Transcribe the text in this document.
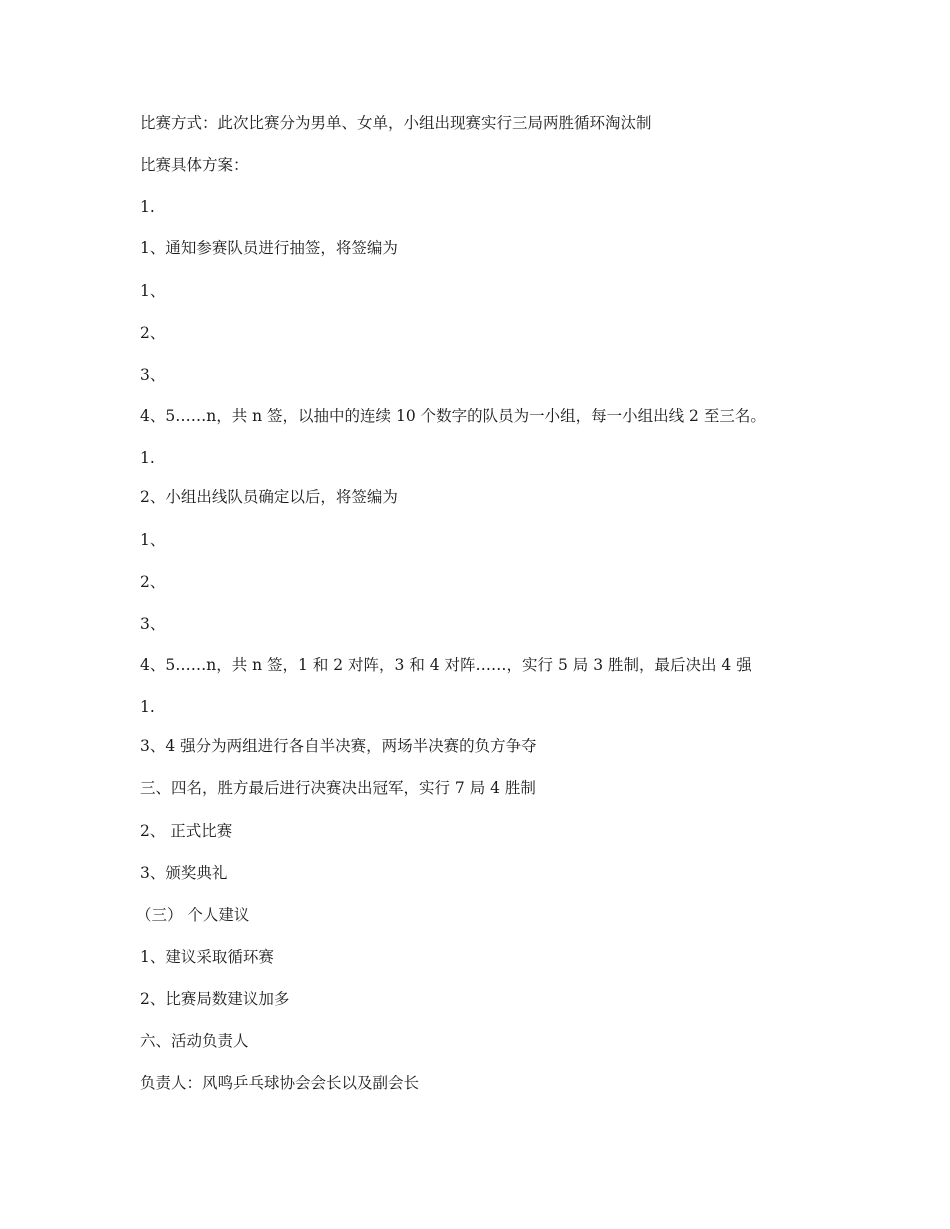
比赛方式：此次比赛分为男单、女单，小组出现赛实行三局两胜循环淘汰制
比赛具体方案：
1.
1、通知参赛队员进行抽签，将签编为
1、
2、
3、
4、5……n，共 n 签，以抽中的连续 10 个数字的队员为一小组，每一小组出线 2 至三名。
1.
2、小组出线队员确定以后，将签编为
1、
2、
3、
4、5……n，共 n 签，1 和 2 对阵，3 和 4 对阵……，实行 5 局 3 胜制，最后决出 4 强
1.
3、4 强分为两组进行各自半决赛，两场半决赛的负方争夺
三、四名，胜方最后进行决赛决出冠军，实行 7 局 4 胜制
2、 正式比赛
3、颁奖典礼
（三） 个人建议
1、建议采取循环赛
2、比赛局数建议加多
六、活动负责人
负责人：风鸣乒乓球协会会长以及副会长
